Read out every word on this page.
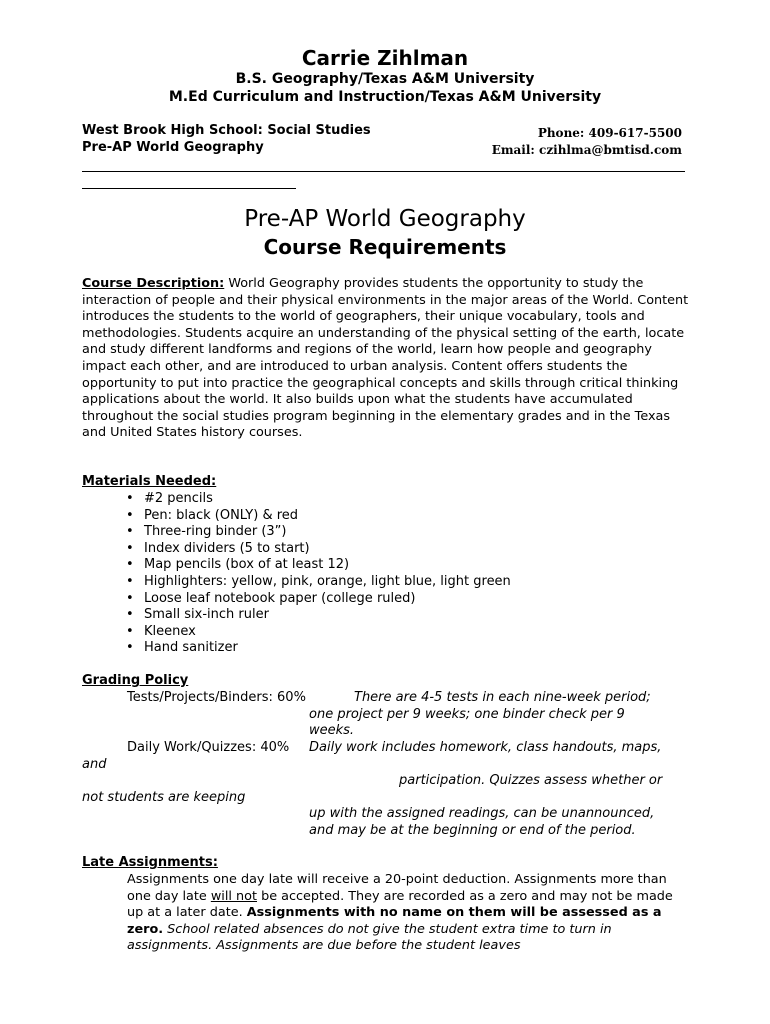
Carrie Zihlman
B.S. Geography/Texas A&M University
M.Ed Curriculum and Instruction/Texas A&M University
West Brook High School: Social Studies
Pre-AP World Geography
Phone: 409-617-5500
Email: czihlma@bmtisd.com
Pre-AP World Geography
Course Requirements
Course Description: World Geography provides students the opportunity to study the interaction of people and their physical environments in the major areas of the World. Content introduces the students to the world of geographers, their unique vocabulary, tools and methodologies. Students acquire an understanding of the physical setting of the earth, locate and study different landforms and regions of the world, learn how people and geography impact each other, and are introduced to urban analysis. Content offers students the opportunity to put into practice the geographical concepts and skills through critical thinking applications about the world. It also builds upon what the students have accumulated throughout the social studies program beginning in the elementary grades and in the Texas and United States history courses.
Materials Needed:
• #2 pencils
• Pen: black (ONLY) & red
• Three-ring binder (3”)
• Index dividers (5 to start)
• Map pencils (box of at least 12)
• Highlighters: yellow, pink, orange, light blue, light green
• Loose leaf notebook paper (college ruled)
• Small six-inch ruler
• Kleenex
• Hand sanitizer
Grading Policy
Tests/Projects/Binders: 60%	There are 4-5 tests in each nine-week period;
one project per 9 weeks; one binder check per 9
weeks.
Daily Work/Quizzes: 40% Daily work includes homework, class handouts, maps,
and
participation. Quizzes assess whether or
not students are keeping
up with the assigned readings, can be unannounced,
and may be at the beginning or end of the period.
Late Assignments:
Assignments one day late will receive a 20-point deduction. Assignments more than one day late will not be accepted. They are recorded as a zero and may not be made up at a later date. Assignments with no name on them will be assessed as a zero. School related absences do not give the student extra time to turn in assignments. Assignments are due before the student leaves
